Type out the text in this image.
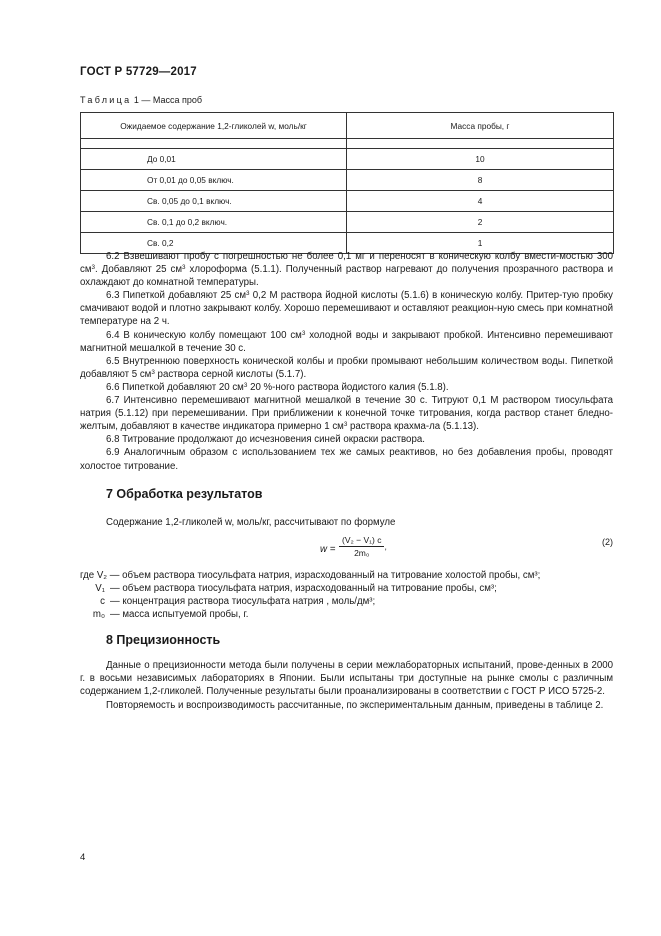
ГОСТ Р 57729—2017
Таблица 1 — Масса проб
Ожидаемое содержание 1,2-гликолей w, моль/кг	Масса пробы, г

До 0,01	10
От 0,01 до 0,05 включ.	8
Св. 0,05 до 0,1 включ.	4
Св. 0,1 до 0,2 включ.	2
Св. 0,2	1

6.2 Взвешивают пробу с погрешностью не более 0,1 мг и переносят в коническую колбу вмести-мостью 300 $см^3$. Добавляют 25 $см^3$ хлороформа (5.1.1). Полученный раствор нагревают до получения прозрачного раствора и охлаждают до комнатной температуры.

6.3 Пипеткой добавляют 25 $см^3$ 0,2 М раствора йодной кислоты (5.1.6) в коническую колбу. Притер-тую пробку смачивают водой и плотно закрывают колбу. Хорошо перемешивают и оставляют реакцион-ную смесь при комнатной температуре на 2 ч.

6.4 В коническую колбу помещают 100 $см^3$ холодной воды и закрывают пробкой. Интенсивно перемешивают магнитной мешалкой в течение 30 с.

6.5 Внутреннюю поверхность конической колбы и пробки промывают небольшим количеством воды. Пипеткой добавляют 5 $см^3$ раствора серной кислоты (5.1.7).

6.6 Пипеткой добавляют 20 $см^3$ 20 %-ного раствора йодистого калия (5.1.8).

6.7 Интенсивно перемешивают магнитной мешалкой в течение 30 с. Титруют 0,1 М раствором тиосульфата натрия (5.1.12) при перемешивании. При приближении к конечной точке титрования, когда раствор станет бледно-желтым, добавляют в качестве индикатора примерно 1 $см^3$ раствора крахма-ла (5.1.13).

6.8 Титрование продолжают до исчезновения синей окраски раствора.

6.9 Аналогичным образом с использованием тех же самых реактивов, но без добавления пробы, проводят холостое титрование.

7 Обработка результатов

Содержание 1,2-гликолей w, моль/кг, рассчитывают по формуле

$w = \frac{\text{(V₂ − V₁) c}}{\text{2m₀}}$ ,	(2)
где V₂ — объем раствора тиосульфата натрия, израсходованный на титрование холостой пробы, см³;
V₁ — объем раствора тиосульфата натрия, израсходованный на титрование пробы, см³;
c — концентрация раствора тиосульфата натрия , моль/дм³;
m₀ — масса испытуемой пробы, г.
8 Прецизионность

Данные о прецизионности метода были получены в серии межлабораторных испытаний, прове-денных в 2000 г. в восьми независимых лабораториях в Японии. Были испытаны три доступные на рынке смолы с различным содержанием 1,2-гликолей. Полученные результаты были проанализированы в соответствии с ГОСТ Р ИСО 5725-2.

Повторяемость и воспроизводимость рассчитанные, по экспериментальным данным, приведены в таблице 2.

4
